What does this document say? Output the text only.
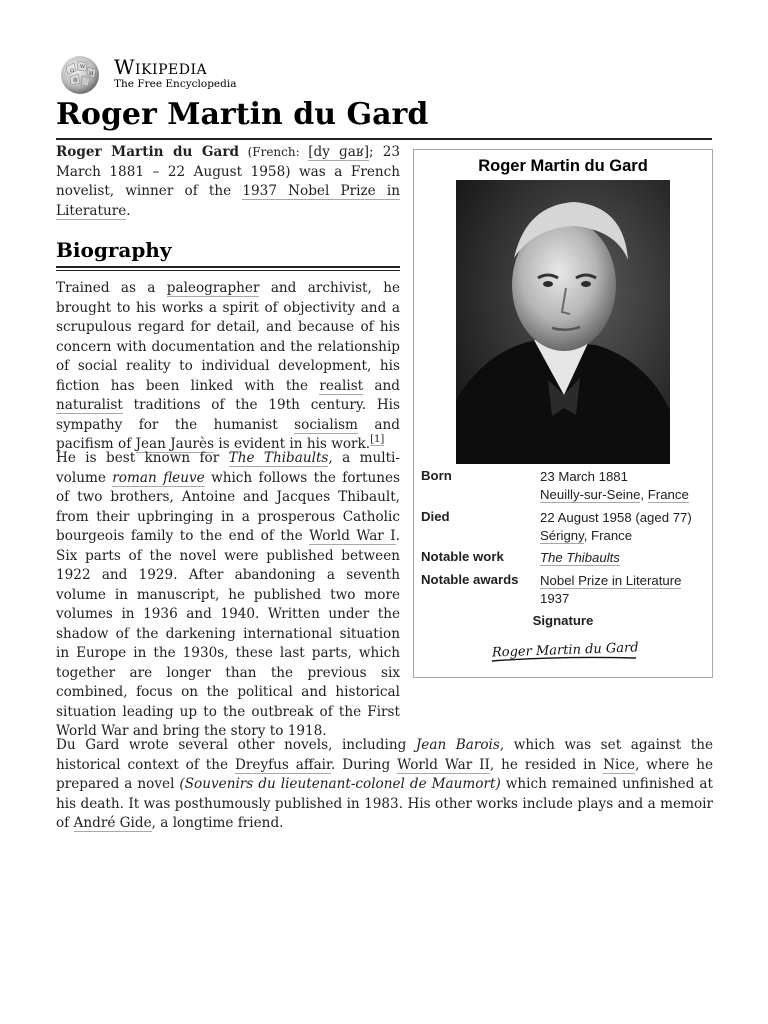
Ω
W
И
維
Wikipedia
The Free Encyclopedia
Roger Martin du Gard
Roger Martin du Gard (French: [dy ɡaʁ]; 23 March 1881 – 22 August 1958) was a French novelist, winner of the 1937 Nobel Prize in Literature.
Biography
Trained as a paleographer and archivist, he brought to his works a spirit of objectivity and a scrupulous regard for detail, and because of his concern with documentation and the relationship of social reality to individual development, his fiction has been linked with the realist and naturalist traditions of the 19th century. His sympathy for the humanist socialism and pacifism of Jean Jaurès is evident in his work.[1]
He is best known for The Thibaults, a multi-volume roman fleuve which follows the fortunes of two brothers, Antoine and Jacques Thibault, from their upbringing in a prosperous Catholic bourgeois family to the end of the World War I. Six parts of the novel were published between 1922 and 1929. After abandoning a seventh volume in manuscript, he published two more volumes in 1936 and 1940. Written under the shadow of the darkening international situation in Europe in the 1930s, these last parts, which together are longer than the previous six combined, focus on the political and historical situation leading up to the outbreak of the First World War and bring the story to 1918.
Du Gard wrote several other novels, including Jean Barois, which was set against the historical context of the Dreyfus affair. During World War II, he resided in Nice, where he prepared a novel (Souvenirs du lieutenant-colonel de Maumort) which remained unfinished at his death. It was posthumously published in 1983. His other works include plays and a memoir of André Gide, a longtime friend.
Roger Martin du Gard
Born	23 March 1881
Neuilly-sur-Seine, France
Died	22 August 1958 (aged 77)
Sérigny, France
Notable work	The Thibaults
Notable awards	Nobel Prize in Literature
1937
Signature
Roger Martin du Gard
